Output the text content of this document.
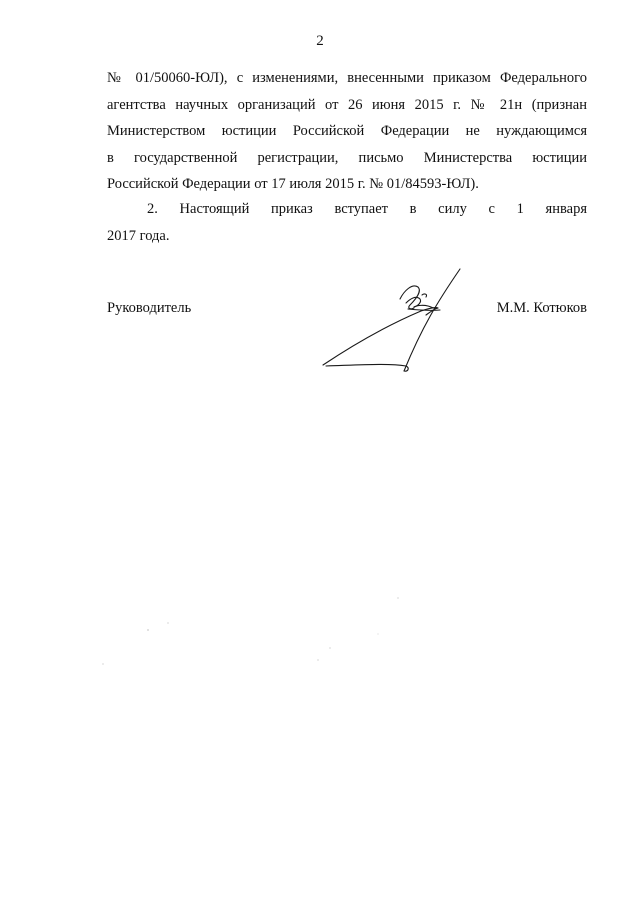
2

№ 01/50060-ЮЛ), с изменениями, внесенными приказом Федерального
агентства научных организаций от 26 июня 2015 г. № 21н (признан
Министерством юстиции Российской Федерации не нуждающимся
в государственной регистрации, письмо Министерства юстиции
Российской Федерации от 17 июля 2015 г. № 01/84593-ЮЛ).

2. Настоящий приказ вступает в силу с 1 января
2017 года.

Руководитель	М.М. Котюков
